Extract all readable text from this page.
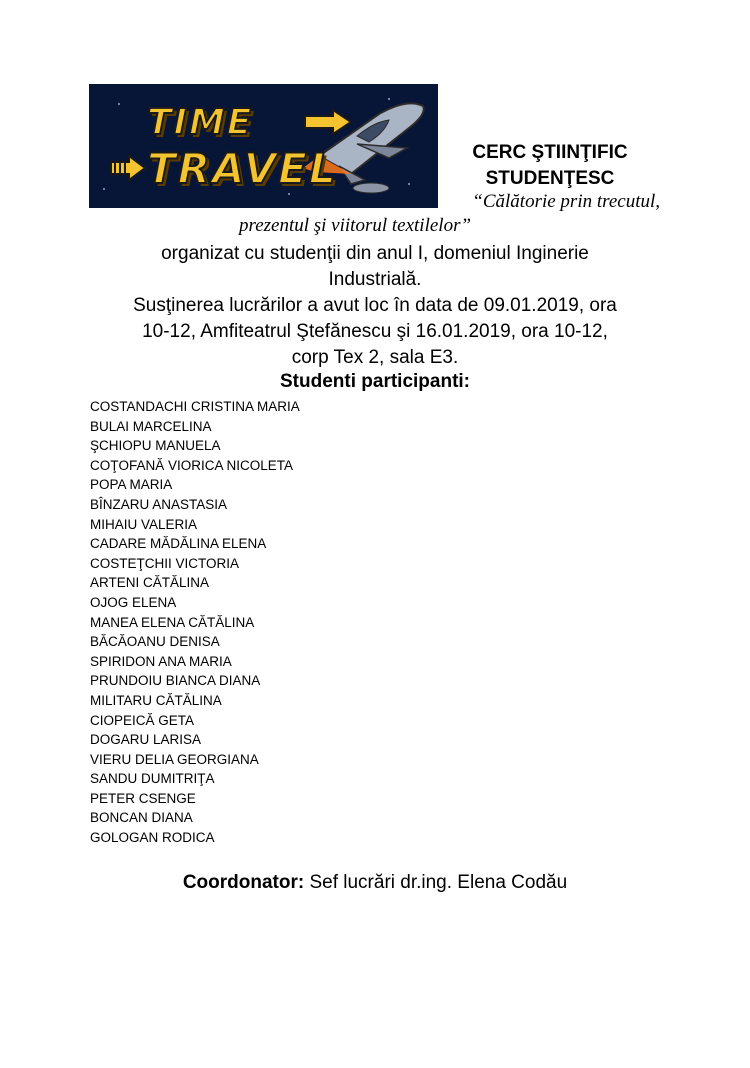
TIME
TRAVEL	CERC ŞTIINŢIFIC
STUDENŢESC
“Călătorie prin trecutul,
prezentul şi viitorul textilelor”

organizat cu studenţii din anul I, domeniul Inginerie

Industrială.

Susţinerea lucrărilor a avut loc în data de 09.01.2019, ora

10-12, Amfiteatrul Ştefănescu şi 16.01.2019, ora 10-12,

corp Tex 2, sala E3.

Studenti participanti:
COSTANDACHI CRISTINA MARIA
BULAI MARCELINA
ŞCHIOPU MANUELA
COŢOFANĂ VIORICA NICOLETA
POPA MARIA
BÎNZARU ANASTASIA
MIHAIU VALERIA
CADARE MĂDĂLINA ELENA
COSTEŢCHII VICTORIA
ARTENI CĂTĂLINA
OJOG ELENA
MANEA ELENA CĂTĂLINA
BĂCĂOANU DENISA
SPIRIDON ANA MARIA
PRUNDOIU BIANCA DIANA
MILITARU CĂTĂLINA
CIOPEICĂ GETA
DOGARU LARISA
VIERU DELIA GEORGIANA
SANDU DUMITRIŢA
PETER CSENGE
BONCAN DIANA
GOLOGAN RODICA
Coordonator: Sef lucrări dr.ing. Elena Codău
